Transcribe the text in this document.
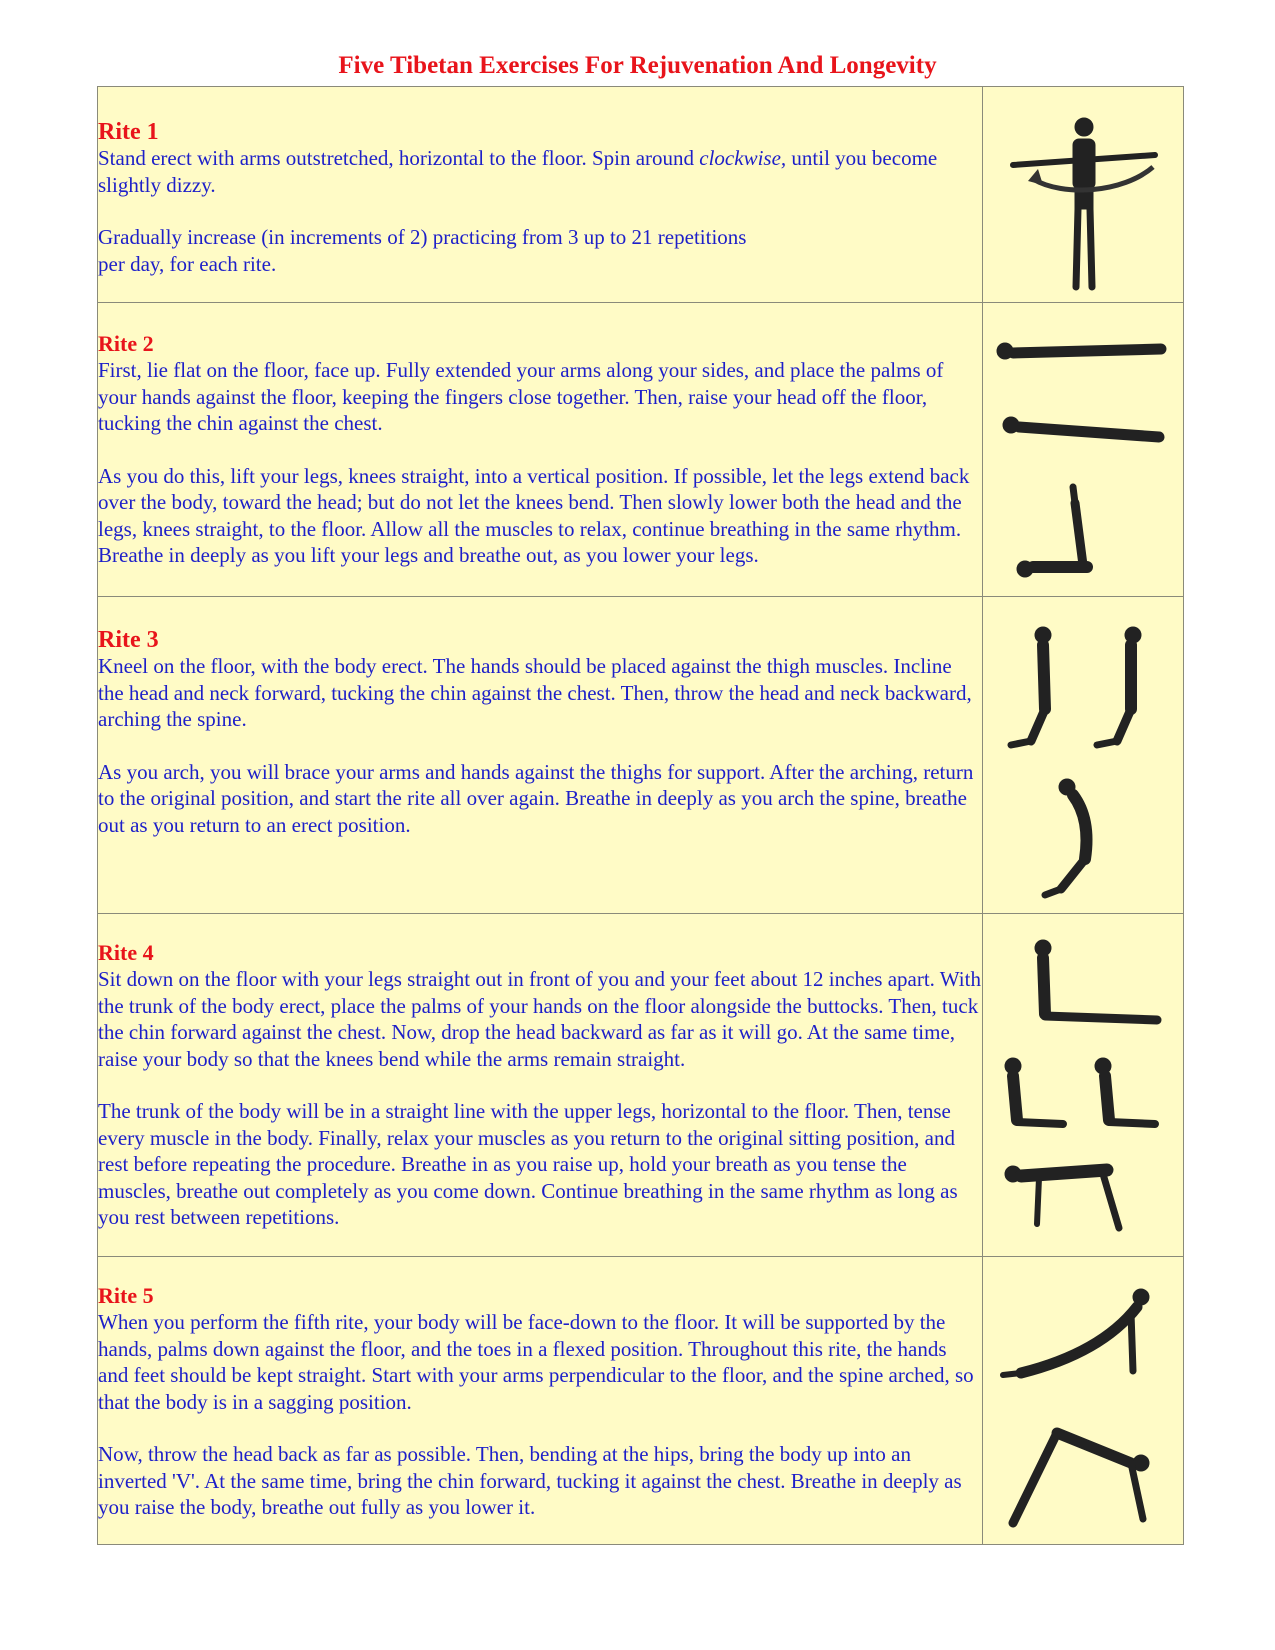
Five Tibetan Exercises For Rejuvenation And Longevity
Rite 1

Stand erect with arms outstretched, horizontal to the floor. Spin around clockwise, until you become slightly dizzy.

Gradually increase (in increments of 2) practicing from 3 up to 21 repetitions
per day, for each rite.

Rite 2

First, lie flat on the floor, face up. Fully extended your arms along your sides, and place the palms of your hands against the floor, keeping the fingers close together. Then, raise your head off the floor, tucking the chin against the chest.

As you do this, lift your legs, knees straight, into a vertical position. If possible, let the legs extend back over the body, toward the head; but do not let the knees bend. Then slowly lower both the head and the legs, knees straight, to the floor. Allow all the muscles to relax, continue breathing in the same rhythm. Breathe in deeply as you lift your legs and breathe out, as you lower your legs.

Rite 3

Kneel on the floor, with the body erect. The hands should be placed against the thigh muscles. Incline the head and neck forward, tucking the chin against the chest. Then, throw the head and neck backward, arching the spine.

As you arch, you will brace your arms and hands against the thighs for support. After the arching, return to the original position, and start the rite all over again. Breathe in deeply as you arch the spine, breathe out as you return to an erect position.

Rite 4

Sit down on the floor with your legs straight out in front of you and your feet about 12 inches apart. With the trunk of the body erect, place the palms of your hands on the floor alongside the buttocks. Then, tuck the chin forward against the chest. Now, drop the head backward as far as it will go. At the same time, raise your body so that the knees bend while the arms remain straight.

The trunk of the body will be in a straight line with the upper legs, horizontal to the floor. Then, tense every muscle in the body. Finally, relax your muscles as you return to the original sitting position, and rest before repeating the procedure. Breathe in as you raise up, hold your breath as you tense the muscles, breathe out completely as you come down. Continue breathing in the same rhythm as long as you rest between repetitions.

Rite 5

When you perform the fifth rite, your body will be face-down to the floor. It will be supported by the hands, palms down against the floor, and the toes in a flexed position. Throughout this rite, the hands and feet should be kept straight. Start with your arms perpendicular to the floor, and the spine arched, so that the body is in a sagging position.

Now, throw the head back as far as possible. Then, bending at the hips, bring the body up into an inverted 'V'. At the same time, bring the chin forward, tucking it against the chest. Breathe in deeply as you raise the body, breathe out fully as you lower it.
